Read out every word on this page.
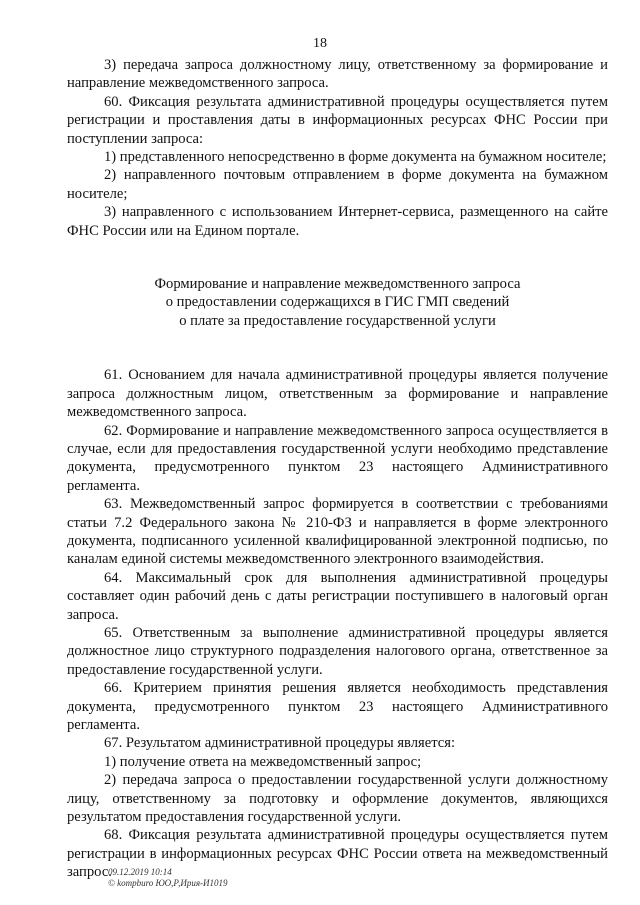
18

3) передача запроса должностному лицу, ответственному за формирование и направление межведомственного запроса.

60. Фиксация результата административной процедуры осуществляется путем регистрации и проставления даты в информационных ресурсах ФНС России при поступлении запроса:

1) представленного непосредственно в форме документа на бумажном носителе;

2) направленного почтовым отправлением в форме документа на бумажном носителе;

3) направленного с использованием Интернет-сервиса, размещенного на сайте ФНС России или на Едином портале.

Формирование и направление межведомственного запроса
о предоставлении содержащихся в ГИС ГМП сведений
о плате за предоставление государственной услуги

61. Основанием для начала административной процедуры является получение запроса должностным лицом, ответственным за формирование и направление межведомственного запроса.

62. Формирование и направление межведомственного запроса осуществляется в случае, если для предоставления государственной услуги необходимо представление документа, предусмотренного пунктом 23 настоящего Административного регламента.

63. Межведомственный запрос формируется в соответствии с требованиями статьи 7.2 Федерального закона № 210-ФЗ и направляется в форме электронного документа, подписанного усиленной квалифицированной электронной подписью, по каналам единой системы межведомственного электронного взаимодействия.

64. Максимальный срок для выполнения административной процедуры составляет один рабочий день с даты регистрации поступившего в налоговый орган запроса.

65. Ответственным за выполнение административной процедуры является должностное лицо структурного подразделения налогового органа, ответственное за предоставление государственной услуги.

66. Критерием принятия решения является необходимость представления документа, предусмотренного пунктом 23 настоящего Административного регламента.

67. Результатом административной процедуры является:

1) получение ответа на межведомственный запрос;

2) передача запроса о предоставлении государственной услуги должностному лицу, ответственному за подготовку и оформление документов, являющихся результатом предоставления государственной услуги.

68. Фиксация результата административной процедуры осуществляется путем регистрации в информационных ресурсах ФНС России ответа на межведомственный запрос.

09.12.2019 10:14
© kompburo ЮО,Р,Ирия-И1019
